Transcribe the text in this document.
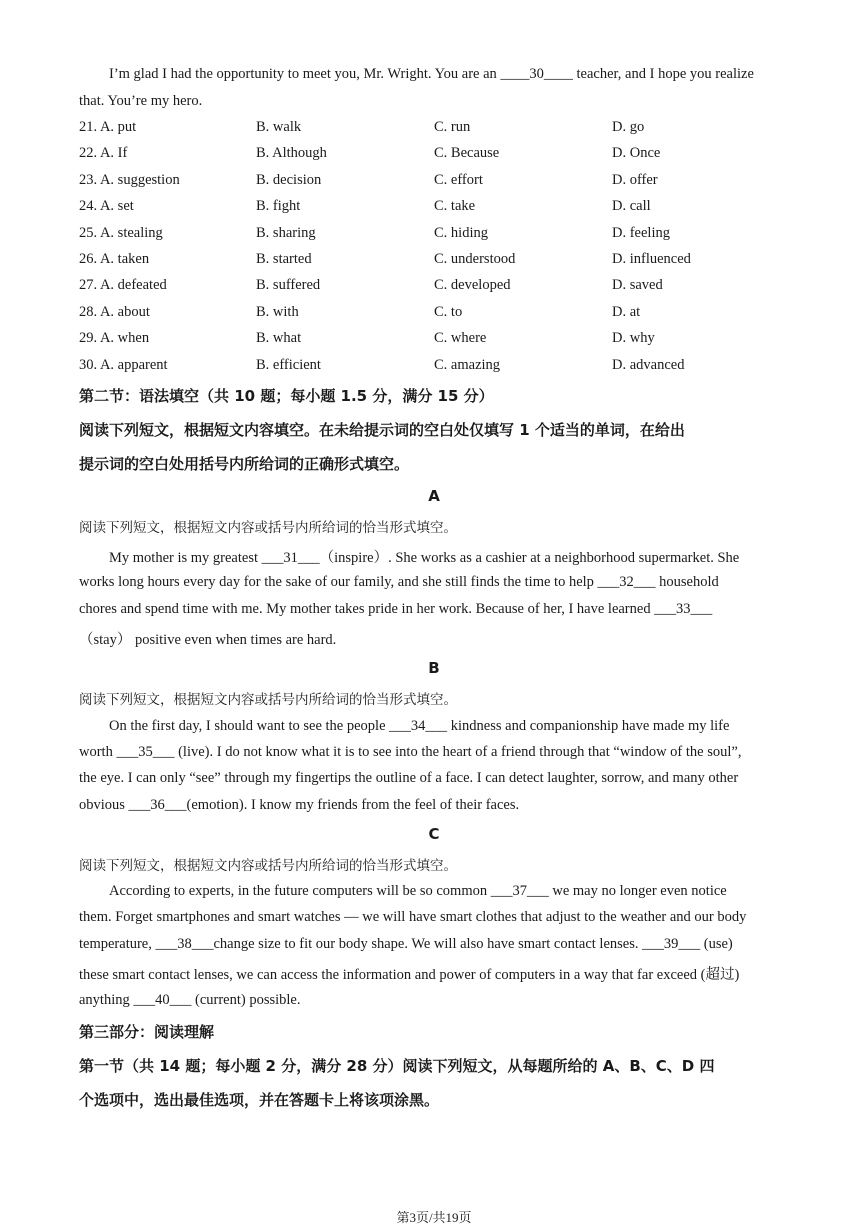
I’m glad I had the opportunity to meet you, Mr. Wright. You are an ____30____ teacher, and I hope you realize
that. You’re my hero.
21. A. put	B. walk	C. run	D. go
22. A. If	B. Although	C. Because	D. Once
23. A. suggestion	B. decision	C. effort	D. offer
24. A. set	B. fight	C. take	D. call
25. A. stealing	B. sharing	C. hiding	D. feeling
26. A. taken	B. started	C. understood	D. influenced
27. A. defeated	B. suffered	C. developed	D. saved
28. A. about	B. with	C. to	D. at
29. A. when	B. what	C. where	D. why
30. A. apparent	B. efficient	C. amazing	D. advanced
第二节：语法填空（共 10 题；每小题 1.5 分，满分 15 分）
阅读下列短文，根据短文内容填空。在未给提示词的空白处仅填写 1 个适当的单词，在给出
提示词的空白处用括号内所给词的正确形式填空。
A
阅读下列短文，根据短文内容或括号内所给词的恰当形式填空。
My mother is my greatest ___31___（inspire）. She works as a cashier at a neighborhood supermarket. She
works long hours every day for the sake of our family, and she still finds the time to help ___32___ household
chores and spend time with me. My mother takes pride in her work. Because of her, I have learned ___33___
（stay） positive even when times are hard.
B
阅读下列短文，根据短文内容或括号内所给词的恰当形式填空。
On the first day, I should want to see the people ___34___ kindness and companionship have made my life
worth ___35___ (live). I do not know what it is to see into the heart of a friend through that “window of the soul”,
the eye. I can only “see” through my fingertips the outline of a face. I can detect laughter, sorrow, and many other
obvious ___36___(emotion). I know my friends from the feel of their faces.
C
阅读下列短文，根据短文内容或括号内所给词的恰当形式填空。
According to experts, in the future computers will be so common ___37___ we may no longer even notice
them. Forget smartphones and smart watches — we will have smart clothes that adjust to the weather and our body
temperature, ___38___change size to fit our body shape. We will also have smart contact lenses. ___39___ (use)
these smart contact lenses, we can access the information and power of computers in a way that far exceed (超过)
anything ___40___ (current) possible.
第三部分：阅读理解
第一节（共 14 题；每小题 2 分，满分 28 分）阅读下列短文，从每题所给的 A、B、C、D 四
个选项中，选出最佳选项，并在答题卡上将该项涂黑。
第3页/共19页
